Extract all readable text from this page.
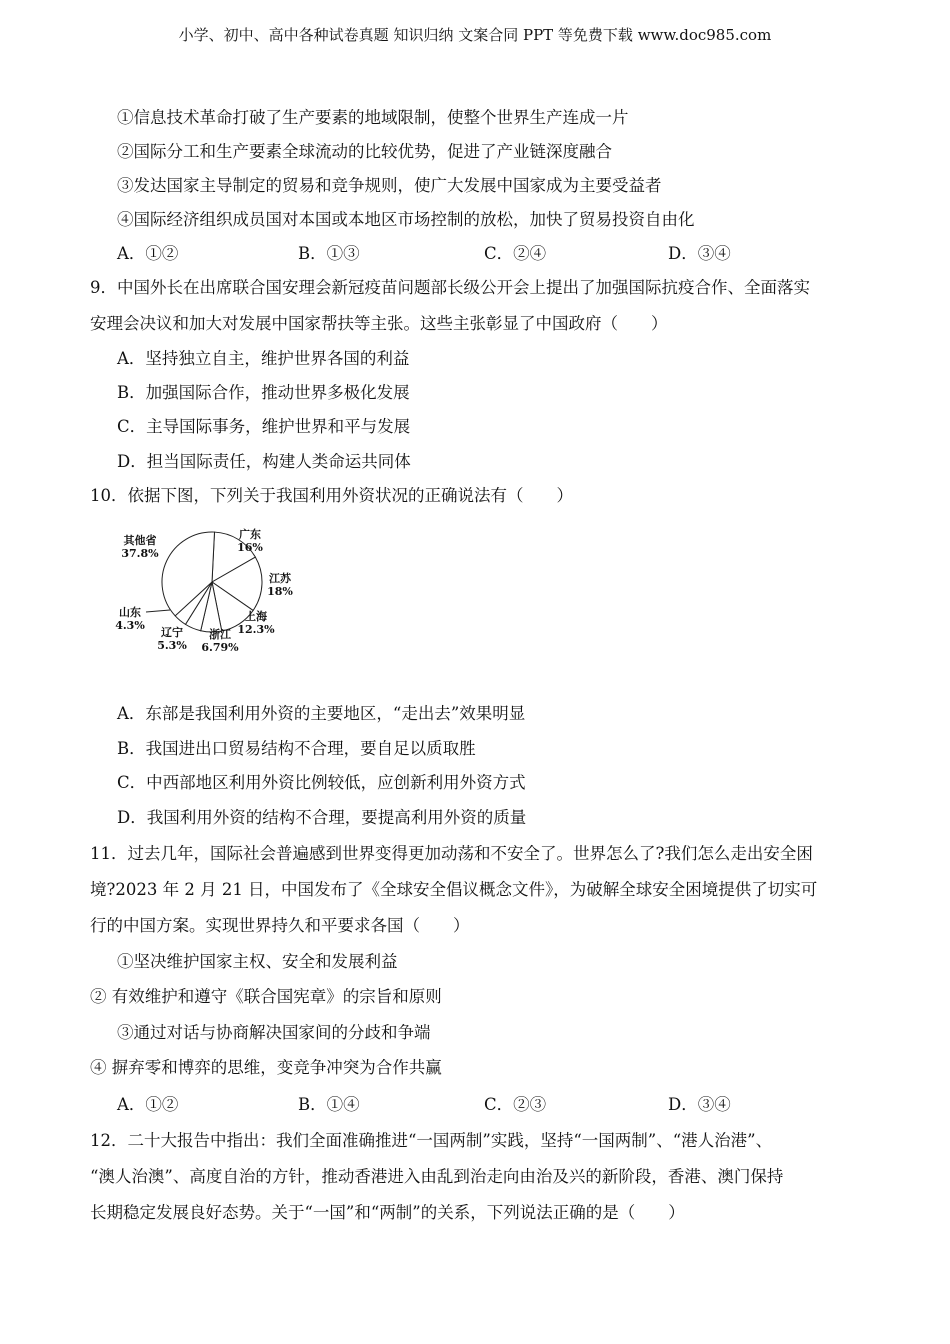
小学、初中、高中各种试卷真题 知识归纳 文案合同 PPT 等免费下载 www.doc985.com
①信息技术革命打破了生产要素的地域限制，使整个世界生产连成一片
②国际分工和生产要素全球流动的比较优势，促进了产业链深度融合
③发达国家主导制定的贸易和竞争规则，使广大发展中国家成为主要受益者
④国际经济组织成员国对本国或本地区市场控制的放松，加快了贸易投资自由化
A．①②	B．①③	C．②④	D．③④
9．中国外长在出席联合国安理会新冠疫苗问题部长级公开会上提出了加强国际抗疫合作、全面落实
安理会决议和加大对发展中国家帮扶等主张。这些主张彰显了中国政府（　　）
A．坚持独立自主，维护世界各国的利益
B．加强国际合作，推动世界多极化发展
C．主导国际事务，维护世界和平与发展
D．担当国际责任，构建人类命运共同体
10．依据下图，下列关于我国利用外资状况的正确说法有（　　）
广东
16%
江苏
18%
上海
12.3%
浙江
6.79%
辽宁
5.3%
山东
4.3%
其他省
37.8%
A．东部是我国利用外资的主要地区，“走出去”效果明显
B．我国进出口贸易结构不合理，要自足以质取胜
C．中西部地区利用外资比例较低，应创新利用外资方式
D．我国利用外资的结构不合理，要提高利用外资的质量
11．过去几年，国际社会普遍感到世界变得更加动荡和不安全了。世界怎么了?我们怎么走出安全困
境?2023 年 2 月 21 日，中国发布了《全球安全倡议概念文件》，为破解全球安全困境提供了切实可
行的中国方案。实现世界持久和平要求各国（　　）
①坚决维护国家主权、安全和发展利益
② 有效维护和遵守《联合国宪章》的宗旨和原则
③通过对话与协商解决国家间的分歧和争端
④ 摒弃零和博弈的思维，变竞争冲突为合作共赢
A．①②	B．①④	C．②③	D．③④
12．二十大报告中指出：我们全面准确推进“一国两制”实践，坚持“一国两制”、“港人治港”、
“澳人治澳”、高度自治的方针，推动香港进入由乱到治走向由治及兴的新阶段，香港、澳门保持
长期稳定发展良好态势。关于“一国”和“两制”的关系，下列说法正确的是（　　）
